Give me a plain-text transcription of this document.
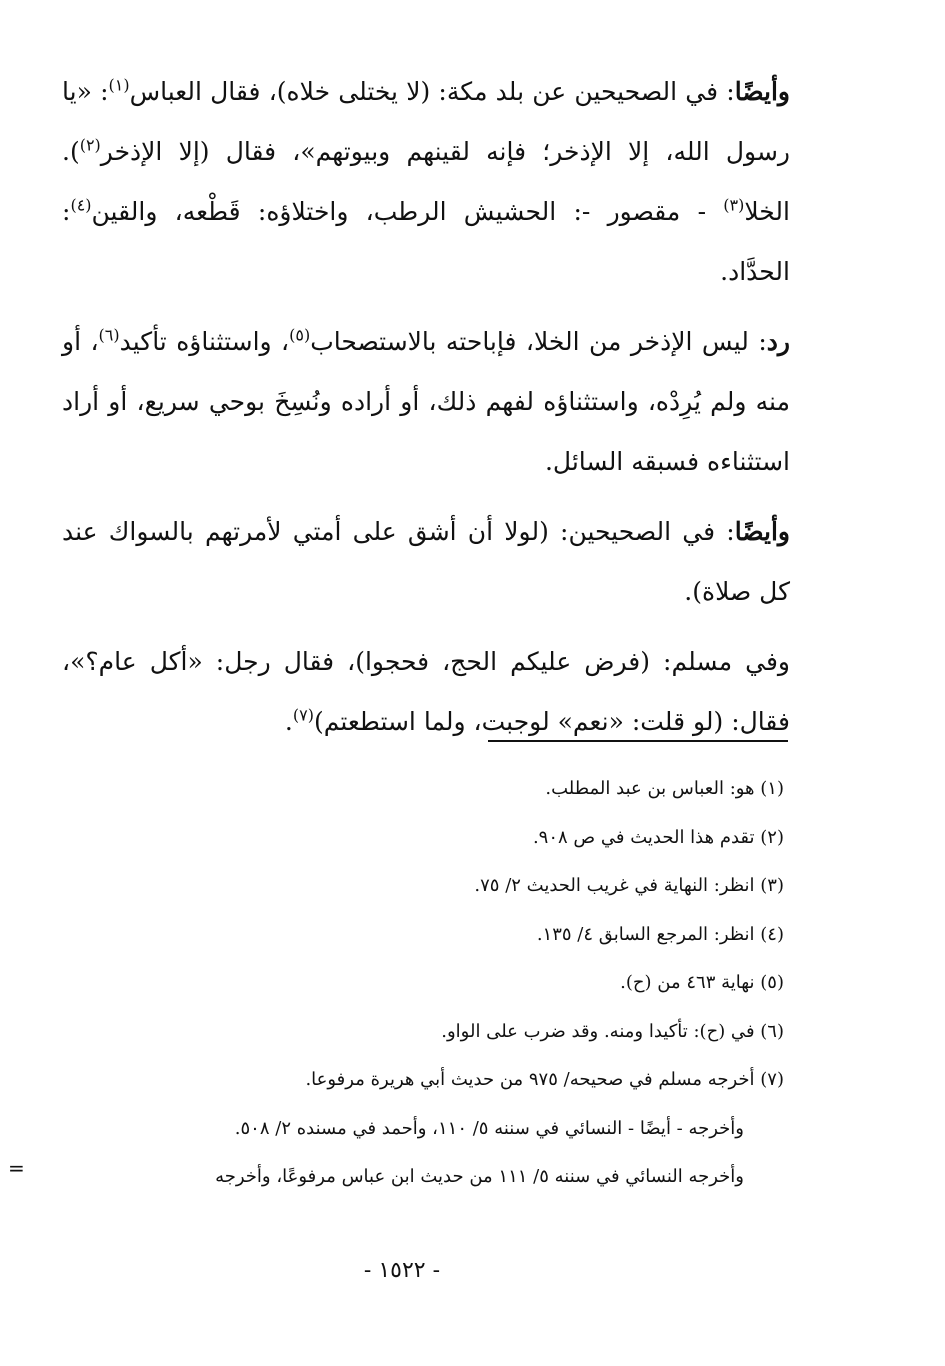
وأيضًا: في الصحيحين عن بلد مكة: (لا يختلى خلاه)، فقال العباس$^{(١)}$: «يا رسول الله، إلا الإذخر؛ فإنه لقينهم وبيوتهم»، فقال (إلا الإذخر$^{(٢)}$). الخلا$^{(٣)}$ - مقصور -: الحشيش الرطب، واختلاؤه: قَطْعه، والقين$^{(٤)}$: الحدَّاد.

رد: ليس الإذخر من الخلا، فإباحته بالاستصحاب$^{(٥)}$، واستثناؤه تأكيد$^{(٦)}$، أو منه ولم يُرِدْه، واستثناؤه لفهم ذلك، أو أراده ونُسِخَ بوحي سريع، أو أراد استثناءه فسبقه السائل.

وأيضًا: في الصحيحين: (لولا أن أشق على أمتي لأمرتهم بالسواك عند كل صلاة).

وفي مسلم: (فرض عليكم الحج، فحجوا)، فقال رجل: «أكل عام؟»، فقال: (لو قلت: «نعم» لوجبت، ولما استطعتم)$^{(٧)}$.

(١) هو: العباس بن عبد المطلب.
(٢) تقدم هذا الحديث في ص ٩٠٨.
(٣) انظر: النهاية في غريب الحديث ٢/ ٧٥.
(٤) انظر: المرجع السابق ٤/ ١٣٥.
(٥) نهاية ٤٦٣ من (ح).
(٦) في (ح): تأكيدا ومنه. وقد ضرب على الواو.
(٧) أخرجه مسلم في صحيحه/ ٩٧٥ من حديث أبي هريرة مرفوعا.
وأخرجه - أيضًا - النسائي في سننه ٥/ ١١٠، وأحمد في مسنده ٢/ ٥٠٨.
وأخرجه النسائي في سننه ٥/ ١١١ من حديث ابن عباس مرفوعًا، وأخرجه
=
- ١٥٢٢ -
